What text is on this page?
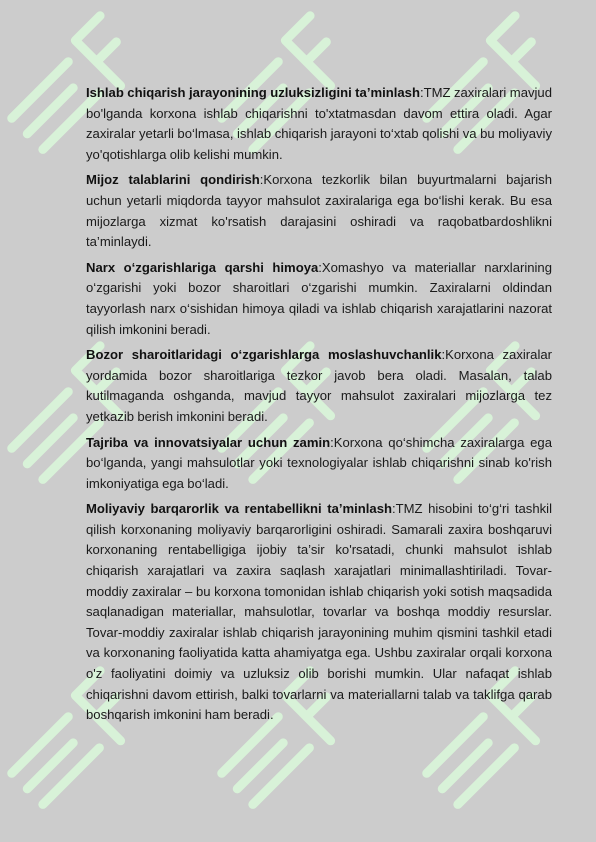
Ishlab chiqarish jarayonining uzluksizligini ta’minlash:TMZ zaxiralari mavjud bo'lganda korxona ishlab chiqarishni to'xtatmasdan davom ettira oladi. Agar zaxiralar yetarli bo‘lmasa, ishlab chiqarish jarayoni to‘xtab qolishi va bu moliyaviy yo'qotishlarga olib kelishi mumkin.

Mijoz talablarini qondirish:Korxona tezkorlik bilan buyurtmalarni bajarish uchun yetarli miqdorda tayyor mahsulot zaxiralariga ega bo‘lishi kerak. Bu esa mijozlarga xizmat ko'rsatish darajasini oshiradi va raqobatbardoshlikni ta’minlaydi.

Narx o‘zgarishlariga qarshi himoya:Xomashyo va materiallar narxlarining o‘zgarishi yoki bozor sharoitlari o‘zgarishi mumkin. Zaxiralarni oldindan tayyorlash narx o‘sishidan himoya qiladi va ishlab chiqarish xarajatlarini nazorat qilish imkonini beradi.

Bozor sharoitlaridagi o‘zgarishlarga moslashuvchanlik:Korxona zaxiralar yordamida bozor sharoitlariga tezkor javob bera oladi. Masalan, talab kutilmaganda oshganda, mavjud tayyor mahsulot zaxiralari mijozlarga tez yetkazib berish imkonini beradi.

Tajriba va innovatsiyalar uchun zamin:Korxona qo‘shimcha zaxiralarga ega bo‘lganda, yangi mahsulotlar yoki texnologiyalar ishlab chiqarishni sinab ko'rish imkoniyatiga ega bo‘ladi.

Moliyaviy barqarorlik va rentabellikni ta’minlash:TMZ hisobini to‘g‘ri tashkil qilish korxonaning moliyaviy barqarorligini oshiradi. Samarali zaxira boshqaruvi korxonaning rentabelligiga ijobiy ta’sir ko'rsatadi, chunki mahsulot ishlab chiqarish xarajatlari va zaxira saqlash xarajatlari minimallashtiriladi. Tovar-moddiy zaxiralar – bu korxona tomonidan ishlab chiqarish yoki sotish maqsadida saqlanadigan materiallar, mahsulotlar, tovarlar va boshqa moddiy resurslar. Tovar-moddiy zaxiralar ishlab chiqarish jarayonining muhim qismini tashkil etadi va korxonaning faoliyatida katta ahamiyatga ega. Ushbu zaxiralar orqali korxona o'z faoliyatini doimiy va uzluksiz olib borishi mumkin. Ular nafaqat ishlab chiqarishni davom ettirish, balki tovarlarni va materiallarni talab va taklifga qarab boshqarish imkonini ham beradi.
